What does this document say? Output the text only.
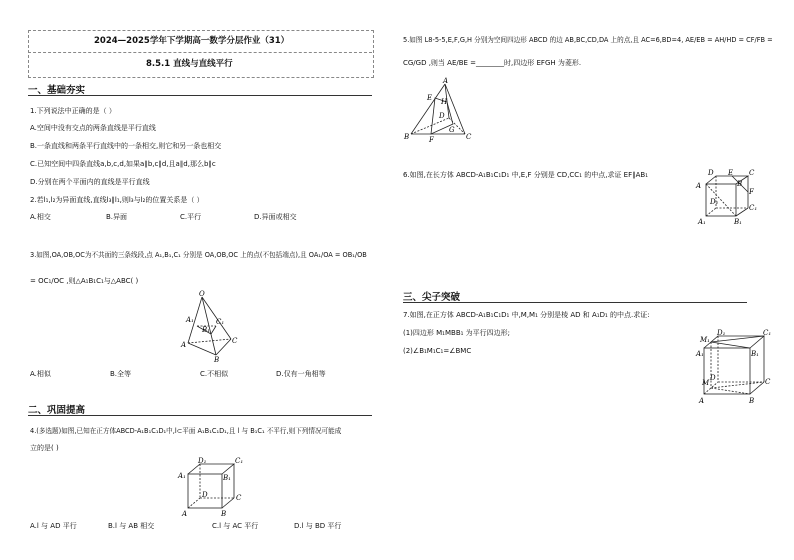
2024—2025学年下学期高一数学分层作业（31）
8.5.1 直线与直线平行
一、基础夯实
1.下列说法中正确的是（ ）
A.空间中没有交点的两条直线是平行直线
B.一条直线和两条平行直线中的一条相交,则它和另一条也相交
C.已知空间中四条直线a,b,c,d,如果a∥b,c∥d,且a∥d,那么b∥c
D.分别在两个平面内的直线是平行直线
2.若l₁,l₂为异面直线,直线l₃∥l₁,则l₃与l₂的位置关系是（ ）
A.相交	B.异面	C.平行	D.异面或相交
3.如图,OA,OB,OC为不共面的三条线段,点 A₁,B₁,C₁ 分别是 OA,OB,OC 上的点(不包括端点),且 OA₁/OA = OB₁/OB
= OC₁/OC ,则△A₁B₁C₁与△ABC( )
O
A₁
B₁
C₁
A
B
C
A.相似	B.全等	C.不相似	D.仅有一角相等
二、巩固提高
4.(多选题)如图,已知在正方体ABCD-A₁B₁C₁D₁中,l⊂平面 A₁B₁C₁D₁,且 l 与 B₁C₁ 不平行,则下列情况可能成
立的是( )
D₁	C₁
A₁	B₁
D	C
A	B
A.l 与 AD 平行	B.l 与 AB 相交	C.l 与 AC 平行	D.l 与 BD 平行
5.如图 L8-5-5,E,F,G,H 分别为空间四边形 ABCD 的边 AB,BC,CD,DA 上的点,且 AC=6,BD=4, AE/EB = AH/HD = CF/FB =
CG/GD ,则当 AE/BE =________时,四边形 EFGH 为菱形.
A
E H
D
G
B	F	C
6.如图,在长方体 ABCD-A₁B₁C₁D₁ 中,E,F 分别是 CD,CC₁ 的中点,求证 EF∥AB₁	D E C
F
D₁
C₁
A	B
A₁	B₁
三、尖子突破
7.如图,在正方体 ABCD-A₁B₁C₁D₁ 中,M,M₁ 分别是棱 AD 和 A₁D₁ 的中点.求证:
(1)四边形 M₁MBB₁ 为平行四边形;
(2)∠B₁M₁C₁=∠BMC
M₁
D₁	C₁
A₁	B₁
M
D	C
A	B
